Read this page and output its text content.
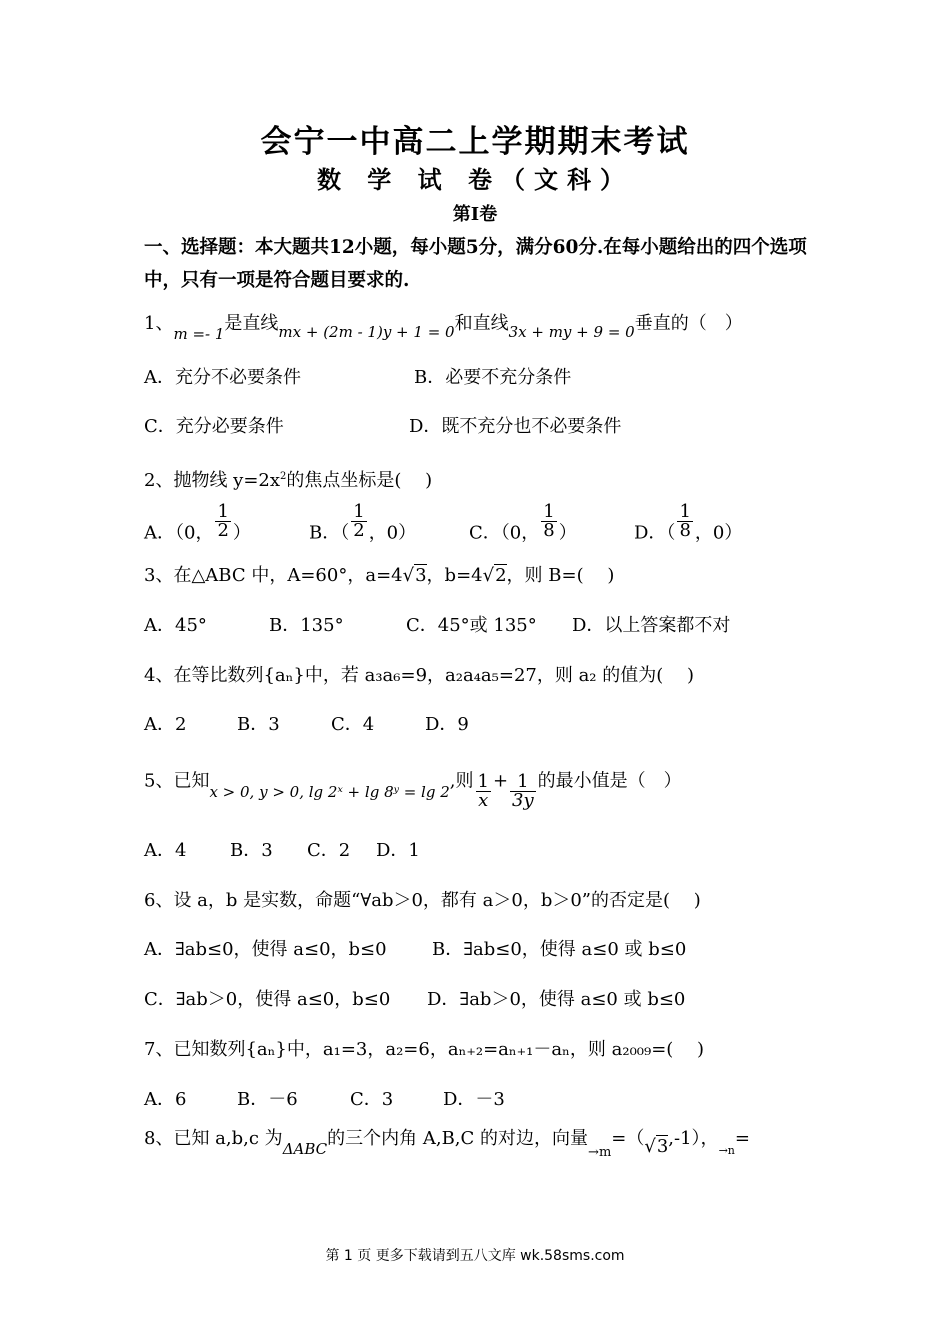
会宁一中高二上学期期末考试
数 学 试 卷（文科）
第Ⅰ卷
一、选择题：本大题共12小题，每小题5分，满分60分.在每小题给出的四个选项中，只有一项是符合题目要求的.
1、$_{m =- 1}$是直线$_{mx + (2m - 1)y + 1 = 0}$和直线$_{3x + my + 9 = 0}$垂直的（　）
A．充分不必要条件	B．必要不充分条件
C．充分必要条件	D．既不充分也不必要条件
2、抛物线 $y=2x^2$的焦点坐标是(　 )
A．（0， $\frac{1}{2}$ ）	B．（ $\frac{1}{2}$ ，0）	C．（0， $\frac{1}{8}$ ）	D．（ $\frac{1}{8}$ ，0）
3、在△ABC 中，A=60°，a=4√3，b=4√2，则 B=(　 )
A．45°	B．135°	C．45°或 135° D．以上答案都不对
4、在等比数列{aₙ}中，若 a₃a₆=9，a₂a₄a₅=27，则 a₂ 的值为(　 )
A．2	B．3	C．4	D．9
5、已知$_{x > 0, y > 0, lg 2ˣ + lg 8ʸ = lg 2}$,则 $\frac{1}{x} + \frac{1}{3y}$ 的最小值是（　）
A．4 B．3 C．2 D．1
6、设 a，b 是实数，命题“∀ab＞0，都有 a＞0，b＞0”的否定是(　 )
A．∃ab≤0，使得 a≤0，b≤0	B．∃ab≤0，使得 a≤0 或 b≤0
C．∃ab＞0，使得 a≤0，b≤0 D．∃ab＞0，使得 a≤0 或 b≤0
7、已知数列{aₙ}中，a₁=3，a₂=6，aₙ₊₂=aₙ₊₁－aₙ，则 a₂₀₀₉=(　 )
A．6	B．－6	C．3	D．－3
8、已知 a,b,c 为$_{\Delta ABC}$的三个内角 A,B,C 的对边，向量$_{\to m}$=（√3,-1），$_{\to n}$=
第 1 页 更多下载请到五八文库 wk.58sms.com
